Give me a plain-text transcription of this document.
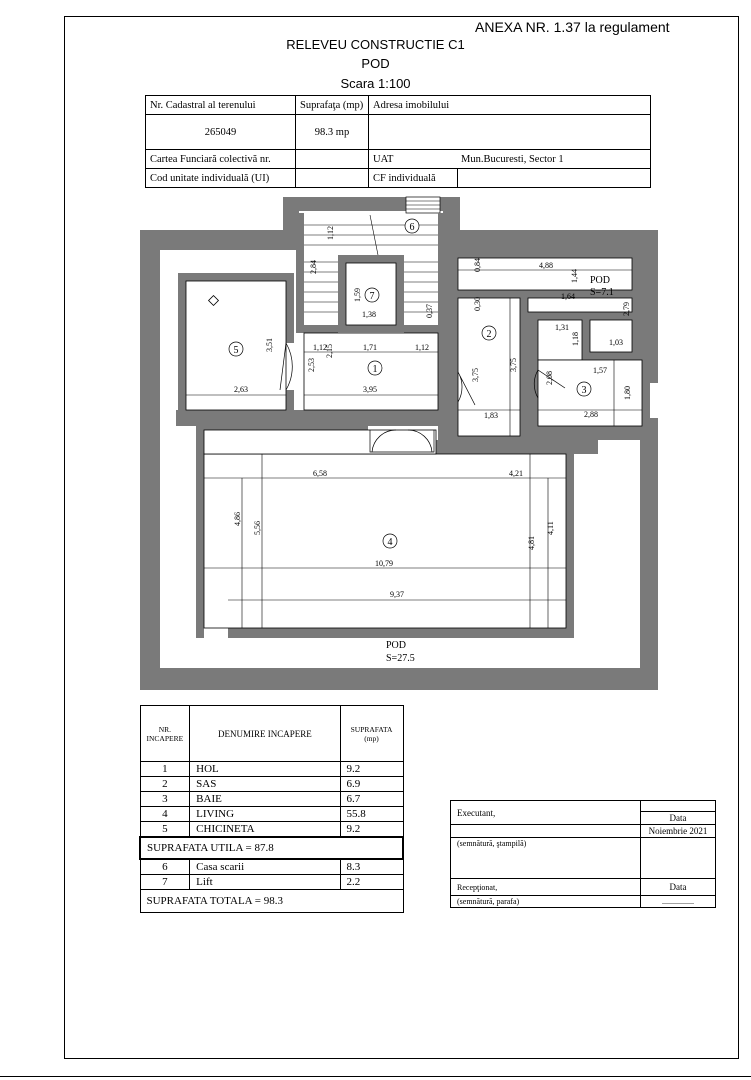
ANEXA NR. 1.37 la regulament
RELEVEU CONSTRUCTIE C1
POD
Scara 1:100
Nr. Cadastral al terenului	Suprafaţa (mp)	Adresa imobilului	
265049	98.3 mp		
Cartea Funciară colectivă nr.		UAT	Mun.Bucuresti, Sector 1
Cod unitate individuală (UI)		CF individuală	
1
2
3
4
5
6
7
POD
S=7.1
POD
S=27.5
1,12
2,84
1,59
1,38	0,37
1,12	1,71	1,12
2,15
2,53
3,95
3,51
2,63
0,84	4,88
1,44
1,64
2,79
0,30
3,75
3,75
1,83
1,31
1,18	1,03
1,57
2,08
1,80
2,88
6,58	4,21
4,86
5,56	4,11
4,81
10,79
9,37
NR. INCAPERE	DENUMIRE INCAPERE	SUPRAFATA (mp)
1	HOL	9.2
2	SAS	6.9
3	BAIE	6.7
4	LIVING	55.8
5	CHICINETA	9.2
SUPRAFATA UTILA = 87.8		
6	Casa scarii	8.3
7	Lift	2.2
SUPRAFATA TOTALA = 98.3		
Executant,	
	Data
	Noiembrie 2021
(semnătură, ştampilă)	
Recepţionat,	Data
(semnătură, parafa)	................
